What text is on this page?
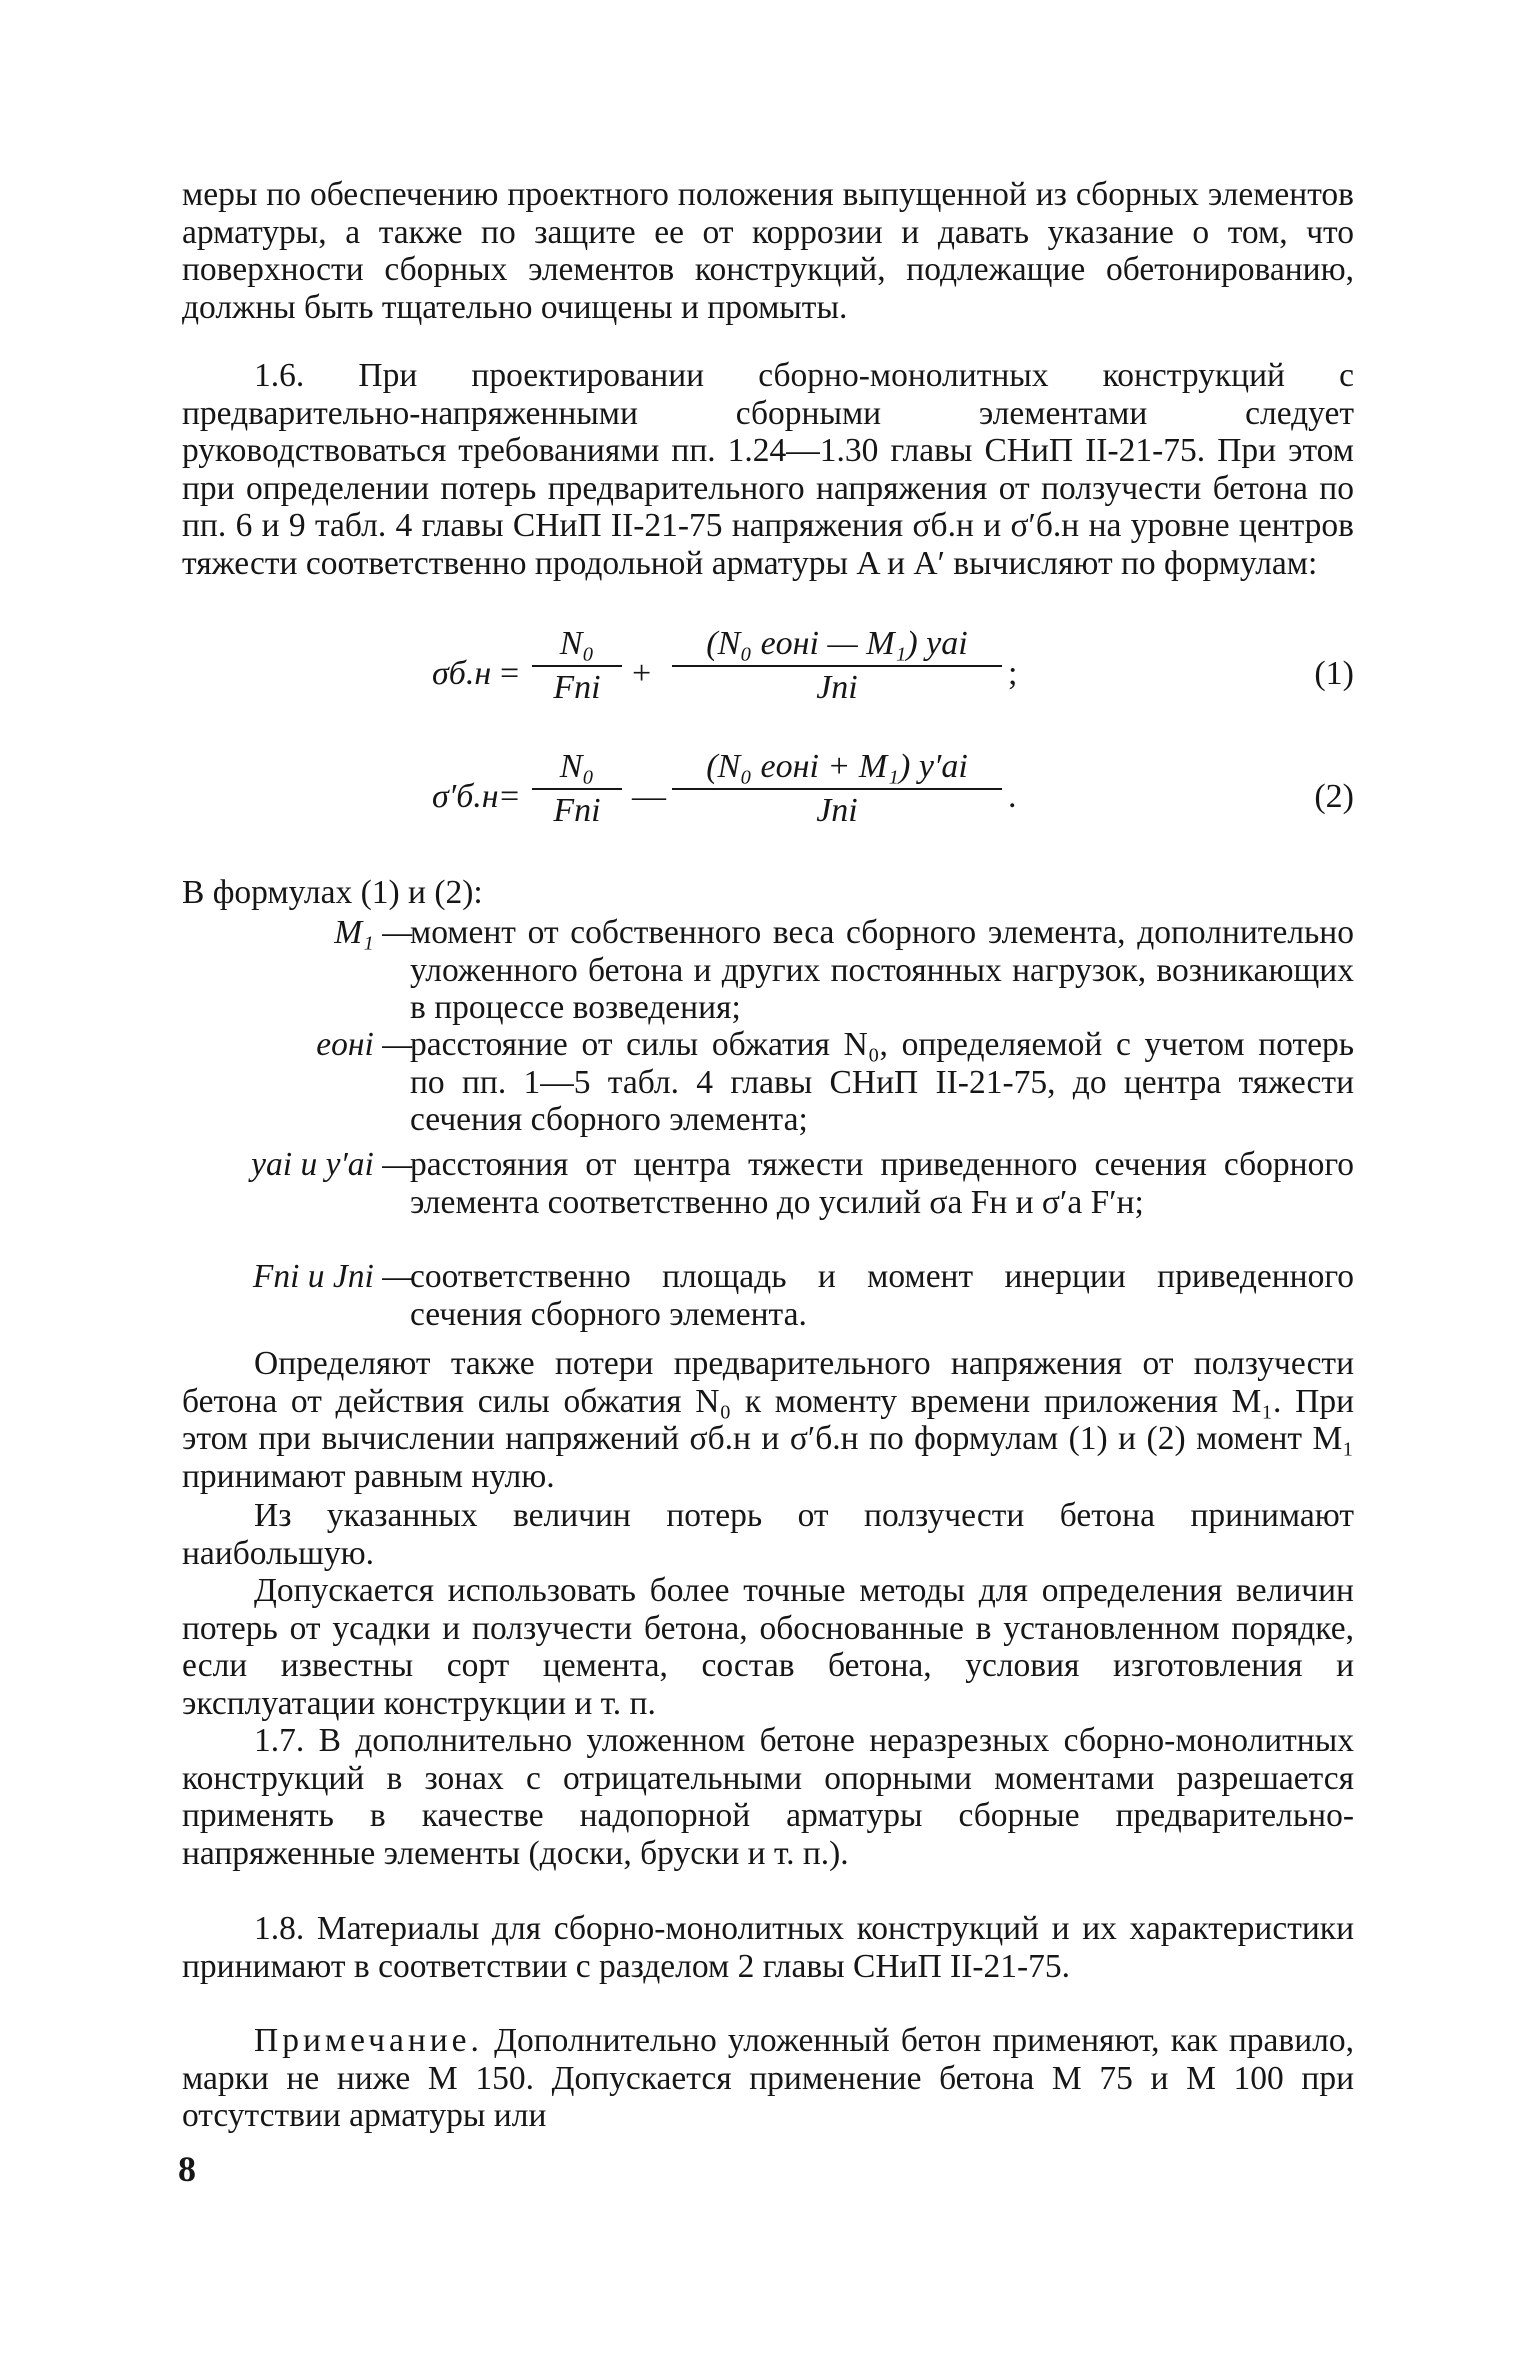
меры по обеспечению проектного положения выпущенной из сборных элементов арматуры, а также по защите ее от коррозии и давать указание о том, что поверхности сборных элементов конструкций, подлежащие обетонированию, должны быть тщательно очищены и промыты.

1.6. При проектировании сборно-монолитных конструкций с предварительно-напряженными сборными элементами следует руководствоваться требованиями пп. 1.24—1.30 главы СНиП II-21-75. При этом при определении потерь предварительного напряжения от ползучести бетона по пп. 6 и 9 табл. 4 главы СНиП II-21-75 напряжения σб.н и σ′б.н на уровне центров тяжести соответственно продольной арматуры A и A′ вычисляют по формулам:

σб.н =
N₀
Fпi +
(N₀ eонi — M₁) yаi
Jпi	;	(1)
σ′б.н =
N₀
Fпi —
(N₀ eонi + M₁) y′аi
Jпi	.	(2)

В формулах (1) и (2):

M₁ —
момент от собственного веса сборного элемента, дополнительно уложенного бетона и других постоянных нагрузок, возникающих в процессе возведения;
eонi —
расстояние от силы обжатия N₀, определяемой с учетом потерь по пп. 1—5 табл. 4 главы СНиП II-21-75, до центра тяжести сечения сборного элемента;
yаi и y′аi —
расстояния от центра тяжести приведенного сечения сборного элемента соответственно до усилий σа Fн и σ′а F′н;
Fпi и Jпi —
соответственно площадь и момент инерции приведенного сечения сборного элемента.

Определяют также потери предварительного напряжения от ползучести бетона от действия силы обжатия N₀ к моменту времени приложения M₁. При этом при вычислении напряжений σб.н и σ′б.н по формулам (1) и (2) момент M₁ принимают равным нулю.

Из указанных величин потерь от ползучести бетона принимают наибольшую.

Допускается использовать более точные методы для определения величин потерь от усадки и ползучести бетона, обоснованные в установленном порядке, если известны сорт цемента, состав бетона, условия изготовления и эксплуатации конструкции и т. п.

1.7. В дополнительно уложенном бетоне неразрезных сборно-монолитных конструкций в зонах с отрицательными опорными моментами разрешается применять в качестве надопорной арматуры сборные предварительно-напряженные элементы (доски, бруски и т. п.).

1.8. Материалы для сборно-монолитных конструкций и их характеристики принимают в соответствии с разделом 2 главы СНиП II-21-75.

Примечание. Дополнительно уложенный бетон применяют, как правило, марки не ниже М 150. Допускается применение бетона М 75 и М 100 при отсутствии арматуры или

8
